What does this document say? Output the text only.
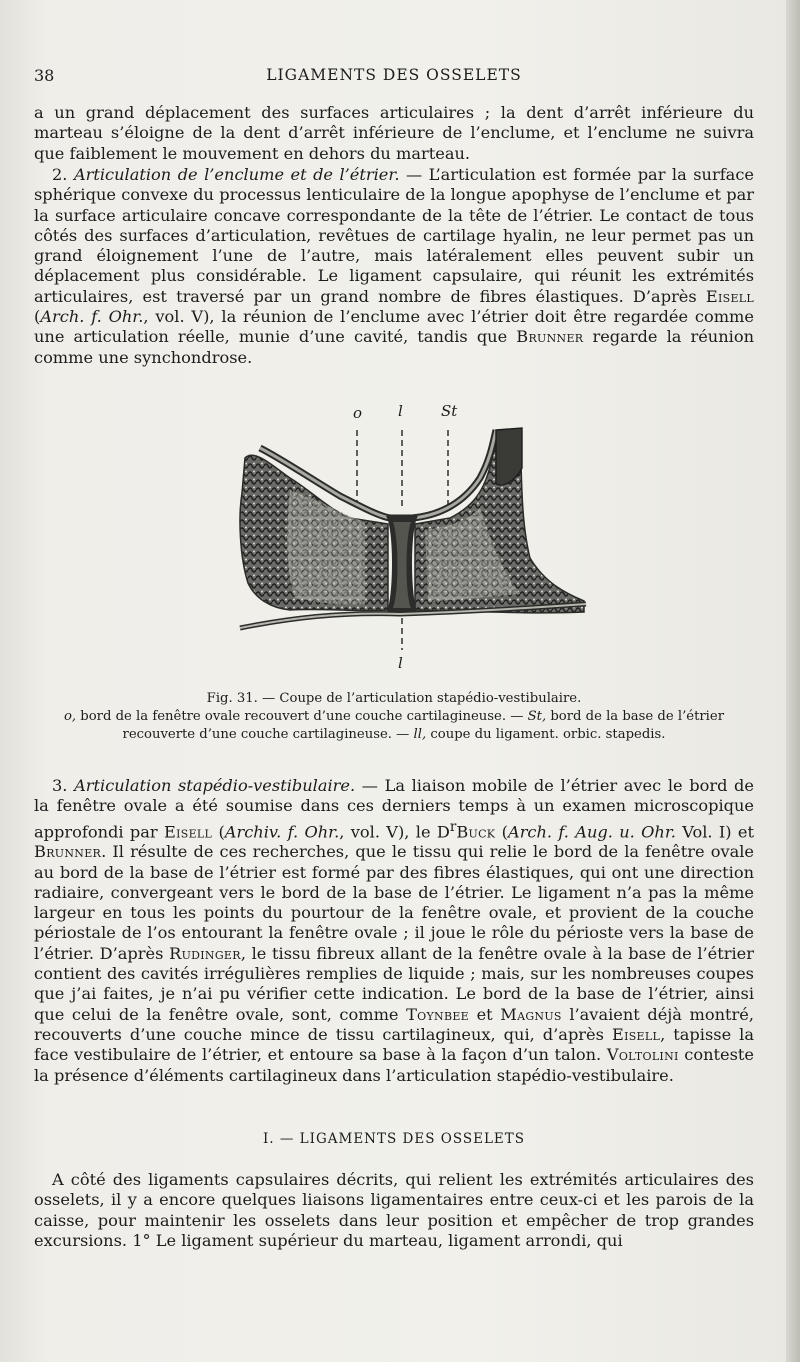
38	LIGAMENTS DES OSSELETS

a un grand déplacement des surfaces articulaires ; la dent d’arrêt inférieure du marteau s’éloigne de la dent d’arrêt inférieure de l’enclume, et l’enclume ne suivra que faiblement le mouvement en dehors du marteau.

2. Articulation de l’enclume et de l’étrier. — L’articulation est formée par la surface sphérique convexe du processus lenticulaire de la longue apophyse de l’enclume et par la surface articulaire concave correspondante de la tête de l’étrier. Le contact de tous côtés des surfaces d’articulation, revêtues de cartilage hyalin, ne leur permet pas un grand éloignement l’une de l’autre, mais latéralement elles peuvent subir un déplacement plus considérable. Le ligament capsulaire, qui réunit les extrémités articulaires, est traversé par un grand nombre de fibres élastiques. D’après Eisell (Arch. f. Ohr., vol. V), la réunion de l’enclume avec l’étrier doit être regardée comme une articulation réelle, munie d’une cavité, tandis que Brunner regarde la réunion comme une synchondrose.

o l	St
l
Fig. 31. — Coupe de l’articulation stapédio-vestibulaire.
o, bord de la fenêtre ovale recouvert d’une couche cartilagineuse. — St, bord de la base de l’étrier recouverte d’une couche cartilagineuse. — ll, coupe du ligament. orbic. stapedis.

3. Articulation stapédio-vestibulaire. — La liaison mobile de l’étrier avec le bord de la fenêtre ovale a été soumise dans ces derniers temps à un examen microscopique approfondi par Eisell (Archiv. f. Ohr., vol. V), le $D^rBuck$ (Arch. f. Aug. u. Ohr. Vol. I) et Brunner. Il résulte de ces recherches, que le tissu qui relie le bord de la fenêtre ovale au bord de la base de l’étrier est formé par des fibres élastiques, qui ont une direction radiaire, convergeant vers le bord de la base de l’étrier. Le ligament n’a pas la même largeur en tous les points du pourtour de la fenêtre ovale, et provient de la couche périostale de l’os entourant la fenêtre ovale ; il joue le rôle du périoste vers la base de l’étrier. D’après Rudinger, le tissu fibreux allant de la fenêtre ovale à la base de l’étrier contient des cavités irrégulières remplies de liquide ; mais, sur les nombreuses coupes que j’ai faites, je n’ai pu vérifier cette indication. Le bord de la base de l’étrier, ainsi que celui de la fenêtre ovale, sont, comme Toynbee et Magnus l’avaient déjà montré, recouverts d’une couche mince de tissu cartilagineux, qui, d’après Eisell, tapisse la face vestibulaire de l’étrier, et entoure sa base à la façon d’un talon. Voltolini conteste la présence d’éléments cartilagineux dans l’articulation stapédio-vestibulaire.

I. — LIGAMENTS DES OSSELETS

A côté des ligaments capsulaires décrits, qui relient les extrémités articulaires des osselets, il y a encore quelques liaisons ligamentaires entre ceux-ci et les parois de la caisse, pour maintenir les osselets dans leur position et empêcher de trop grandes excursions. 1° Le ligament supérieur du marteau, ligament arrondi, qui
